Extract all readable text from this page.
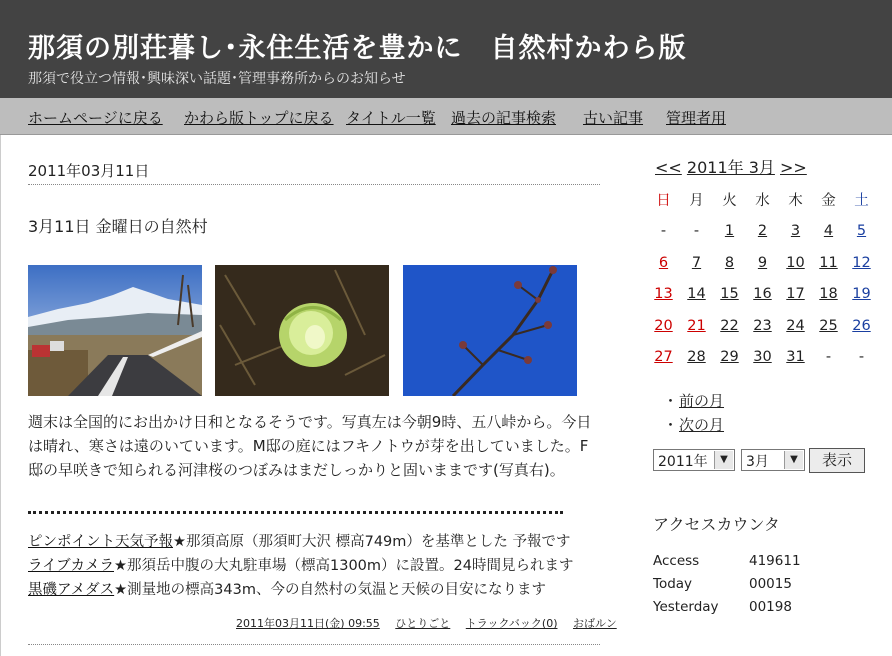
那須の別荘暮し･永住生活を豊かに　自然村かわら版
那須で役立つ情報･興味深い話題･管理事務所からのお知らせ
ホームページに戻る かわら版トップに戻る タイトル一覧 過去の記事検索 古い記事 管理者用
2011年03月11日
3月11日 金曜日の自然村
週末は全国的にお出かけ日和となるそうです。写真左は今朝9時、五八峠から。今日は晴れ、寒さは遠のいています。M邸の庭にはフキノトウが芽を出していました。F邸の早咲きで知られる河津桜のつぼみはまだしっかりと固いままです(写真右)。
ピンポイント天気予報★那須高原（那須町大沢 標高749m）を基準とした 予報です
ライブカメラ★那須岳中腹の大丸駐車場（標高1300m）に設置。24時間見られます
黒磯アメダス★測量地の標高343m、今の自然村の気温と天候の目安になります
2011年03月11日(金) 09:55 ひとりごと トラックバック(0) おばルン
<< 2011年 3月 >>
日	月	火	水	木	金	土
-	-	1	2	3	4	5
6	7	8	9	10	11	12
13	14	15	16	17	18	19
20	21	22	23	24	25	26
27	28	29	30	31	-	-
・前の月
・次の月
2011年	▼	3月	▼	表示
アクセスカウンタ
Access	419611
Today	00015
Yesterday 00198
